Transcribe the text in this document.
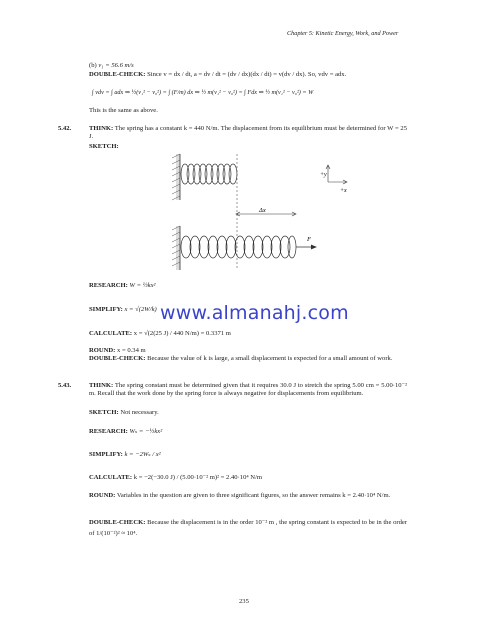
Chapter 5: Kinetic Energy, Work, and Power
(b) v₁ = 56.6 m/s
DOUBLE-CHECK: Since v = dx / dt, a = dv / dt = (dv / dx)(dx / dt) = v(dv / dx). So, vdv = adx.
∫ vdv = ∫ adx ⇒ ½(v₁² − v₀²) = ∫ (F/m) dx ⇒ ½ m(v₁² − v₀²) = ∫ Fdx ⇒ ½ m(v₁² − v₀²) = W
This is the same as above.
5.42.	THINK: The spring has a constant k = 440 N/m. The displacement from its equilibrium must be determined for W = 25 J.
SKETCH:
+y
+x
Δx
F
RESEARCH: W = ½kx²
SIMPLIFY: x = √(2W/k)
CALCULATE: x = √(2(25 J) / 440 N/m) = 0.3371 m
ROUND: x = 0.34 m
DOUBLE-CHECK: Because the value of k is large, a small displacement is expected for a small amount of work.
www.almanahj.com
5.43.	THINK: The spring constant must be determined given that it requires 30.0 J to stretch the spring 5.00 cm = 5.00·10⁻² m. Recall that the work done by the spring force is always negative for displacements from equilibrium.
SKETCH: Not necessary.
RESEARCH: Wₛ = −½kx²
SIMPLIFY: k = −2Wₛ / x²
CALCULATE: k = −2(−30.0 J) / (5.00·10⁻² m)² = 2.40·10⁴ N/m
ROUND: Variables in the question are given to three significant figures, so the answer remains k = 2.40·10⁴ N/m.
DOUBLE-CHECK: Because the displacement is in the order 10⁻² m , the spring constant is expected to be in the order of 1/(10⁻²)² ≈ 10⁴.
235
